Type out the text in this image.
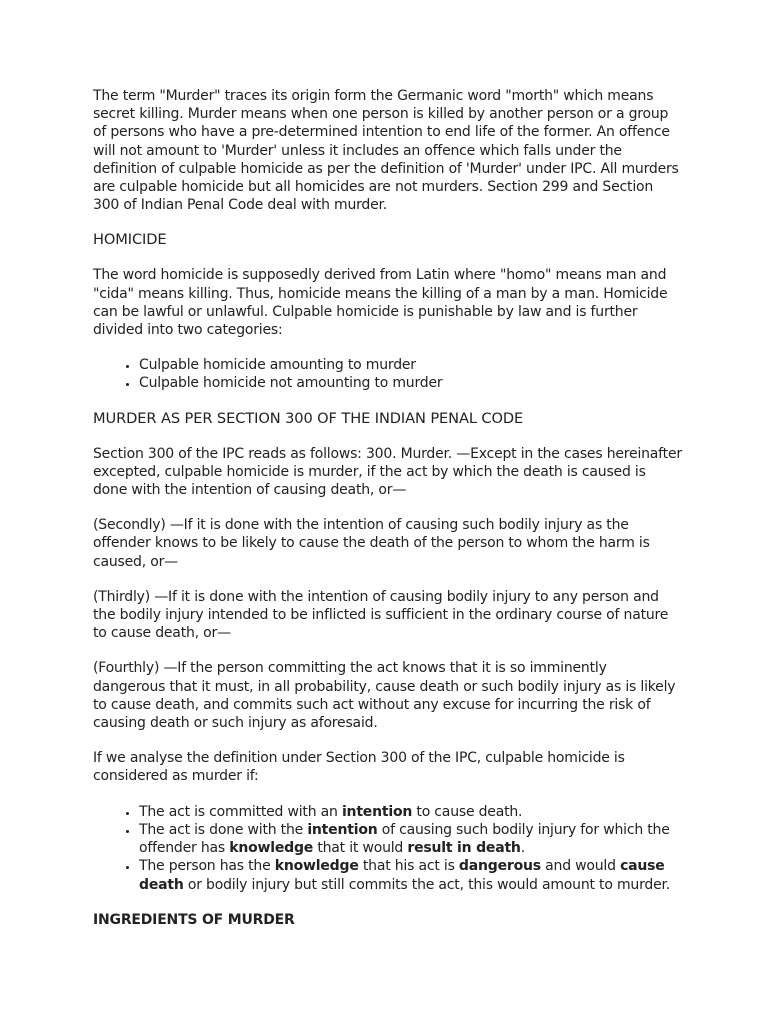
The term "Murder" traces its origin form the Germanic word "morth" which means secret killing. Murder means when one person is killed by another person or a group of persons who have a pre-determined intention to end life of the former. An offence will not amount to 'Murder' unless it includes an offence which falls under the definition of culpable homicide as per the definition of 'Murder' under IPC. All murders are culpable homicide but all homicides are not murders. Section 299 and Section 300 of Indian Penal Code deal with murder.

HOMICIDE

The word homicide is supposedly derived from Latin where "homo" means man and "cida" means killing. Thus, homicide means the killing of a man by a man. Homicide can be lawful or unlawful. Culpable homicide is punishable by law and is further divided into two categories:

• Culpable homicide amounting to murder
• Culpable homicide not amounting to murder
MURDER AS PER SECTION 300 OF THE INDIAN PENAL CODE

Section 300 of the IPC reads as follows: 300. Murder. —Except in the cases hereinafter excepted, culpable homicide is murder, if the act by which the death is caused is done with the intention of causing death, or—

(Secondly) —If it is done with the intention of causing such bodily injury as the offender knows to be likely to cause the death of the person to whom the harm is caused, or—

(Thirdly) —If it is done with the intention of causing bodily injury to any person and the bodily injury intended to be inflicted is sufficient in the ordinary course of nature to cause death, or—

(Fourthly) —If the person committing the act knows that it is so imminently dangerous that it must, in all probability, cause death or such bodily injury as is likely to cause death, and commits such act without any excuse for incurring the risk of causing death or such injury as aforesaid.

If we analyse the definition under Section 300 of the IPC, culpable homicide is considered as murder if:

• The act is committed with an intention to cause death.
• The act is done with the intention of causing such bodily injury for which the offender has knowledge that it would result in death.
• The person has the knowledge that his act is dangerous and would cause death or bodily injury but still commits the act, this would amount to murder.
INGREDIENTS OF MURDER
